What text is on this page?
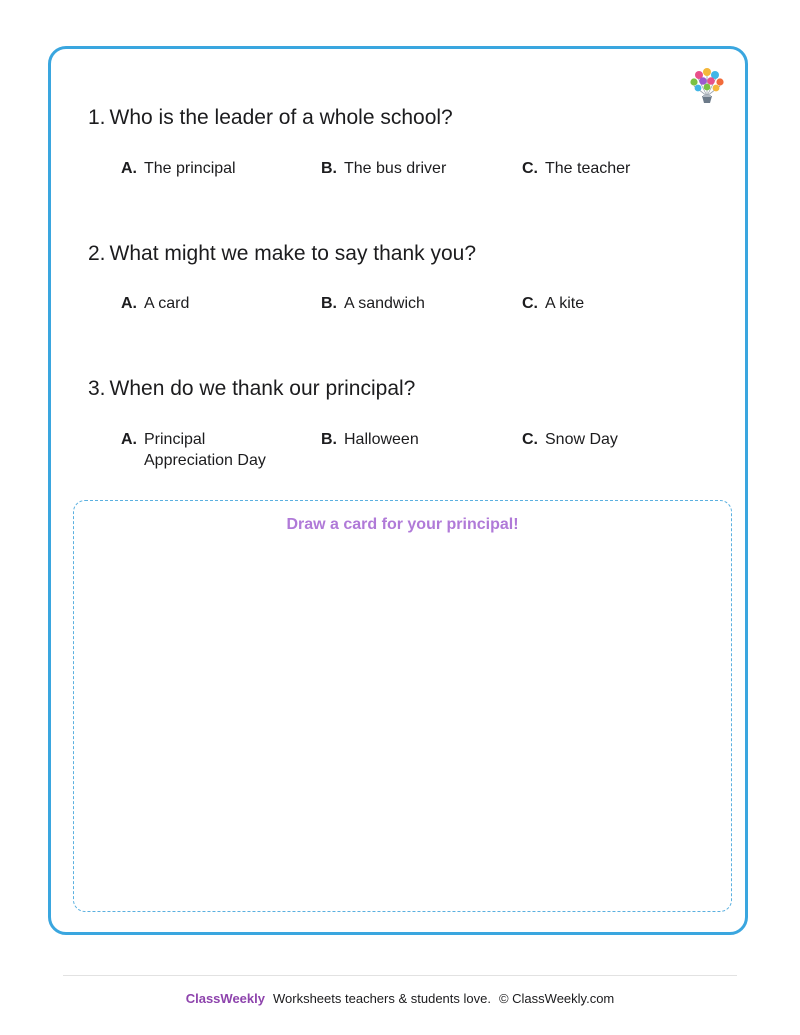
1. Who is the leader of a whole school?
A. The principal	B. The bus driver	C. The teacher
2. What might we make to say thank you?
A. A card	B. A sandwich	C. A kite
3. When do we thank our principal?
A. Principal Appreciation Day
B. Halloween	C. Snow Day
Draw a card for your principal!
ClassWeekly Worksheets teachers & students love. © ClassWeekly.com
